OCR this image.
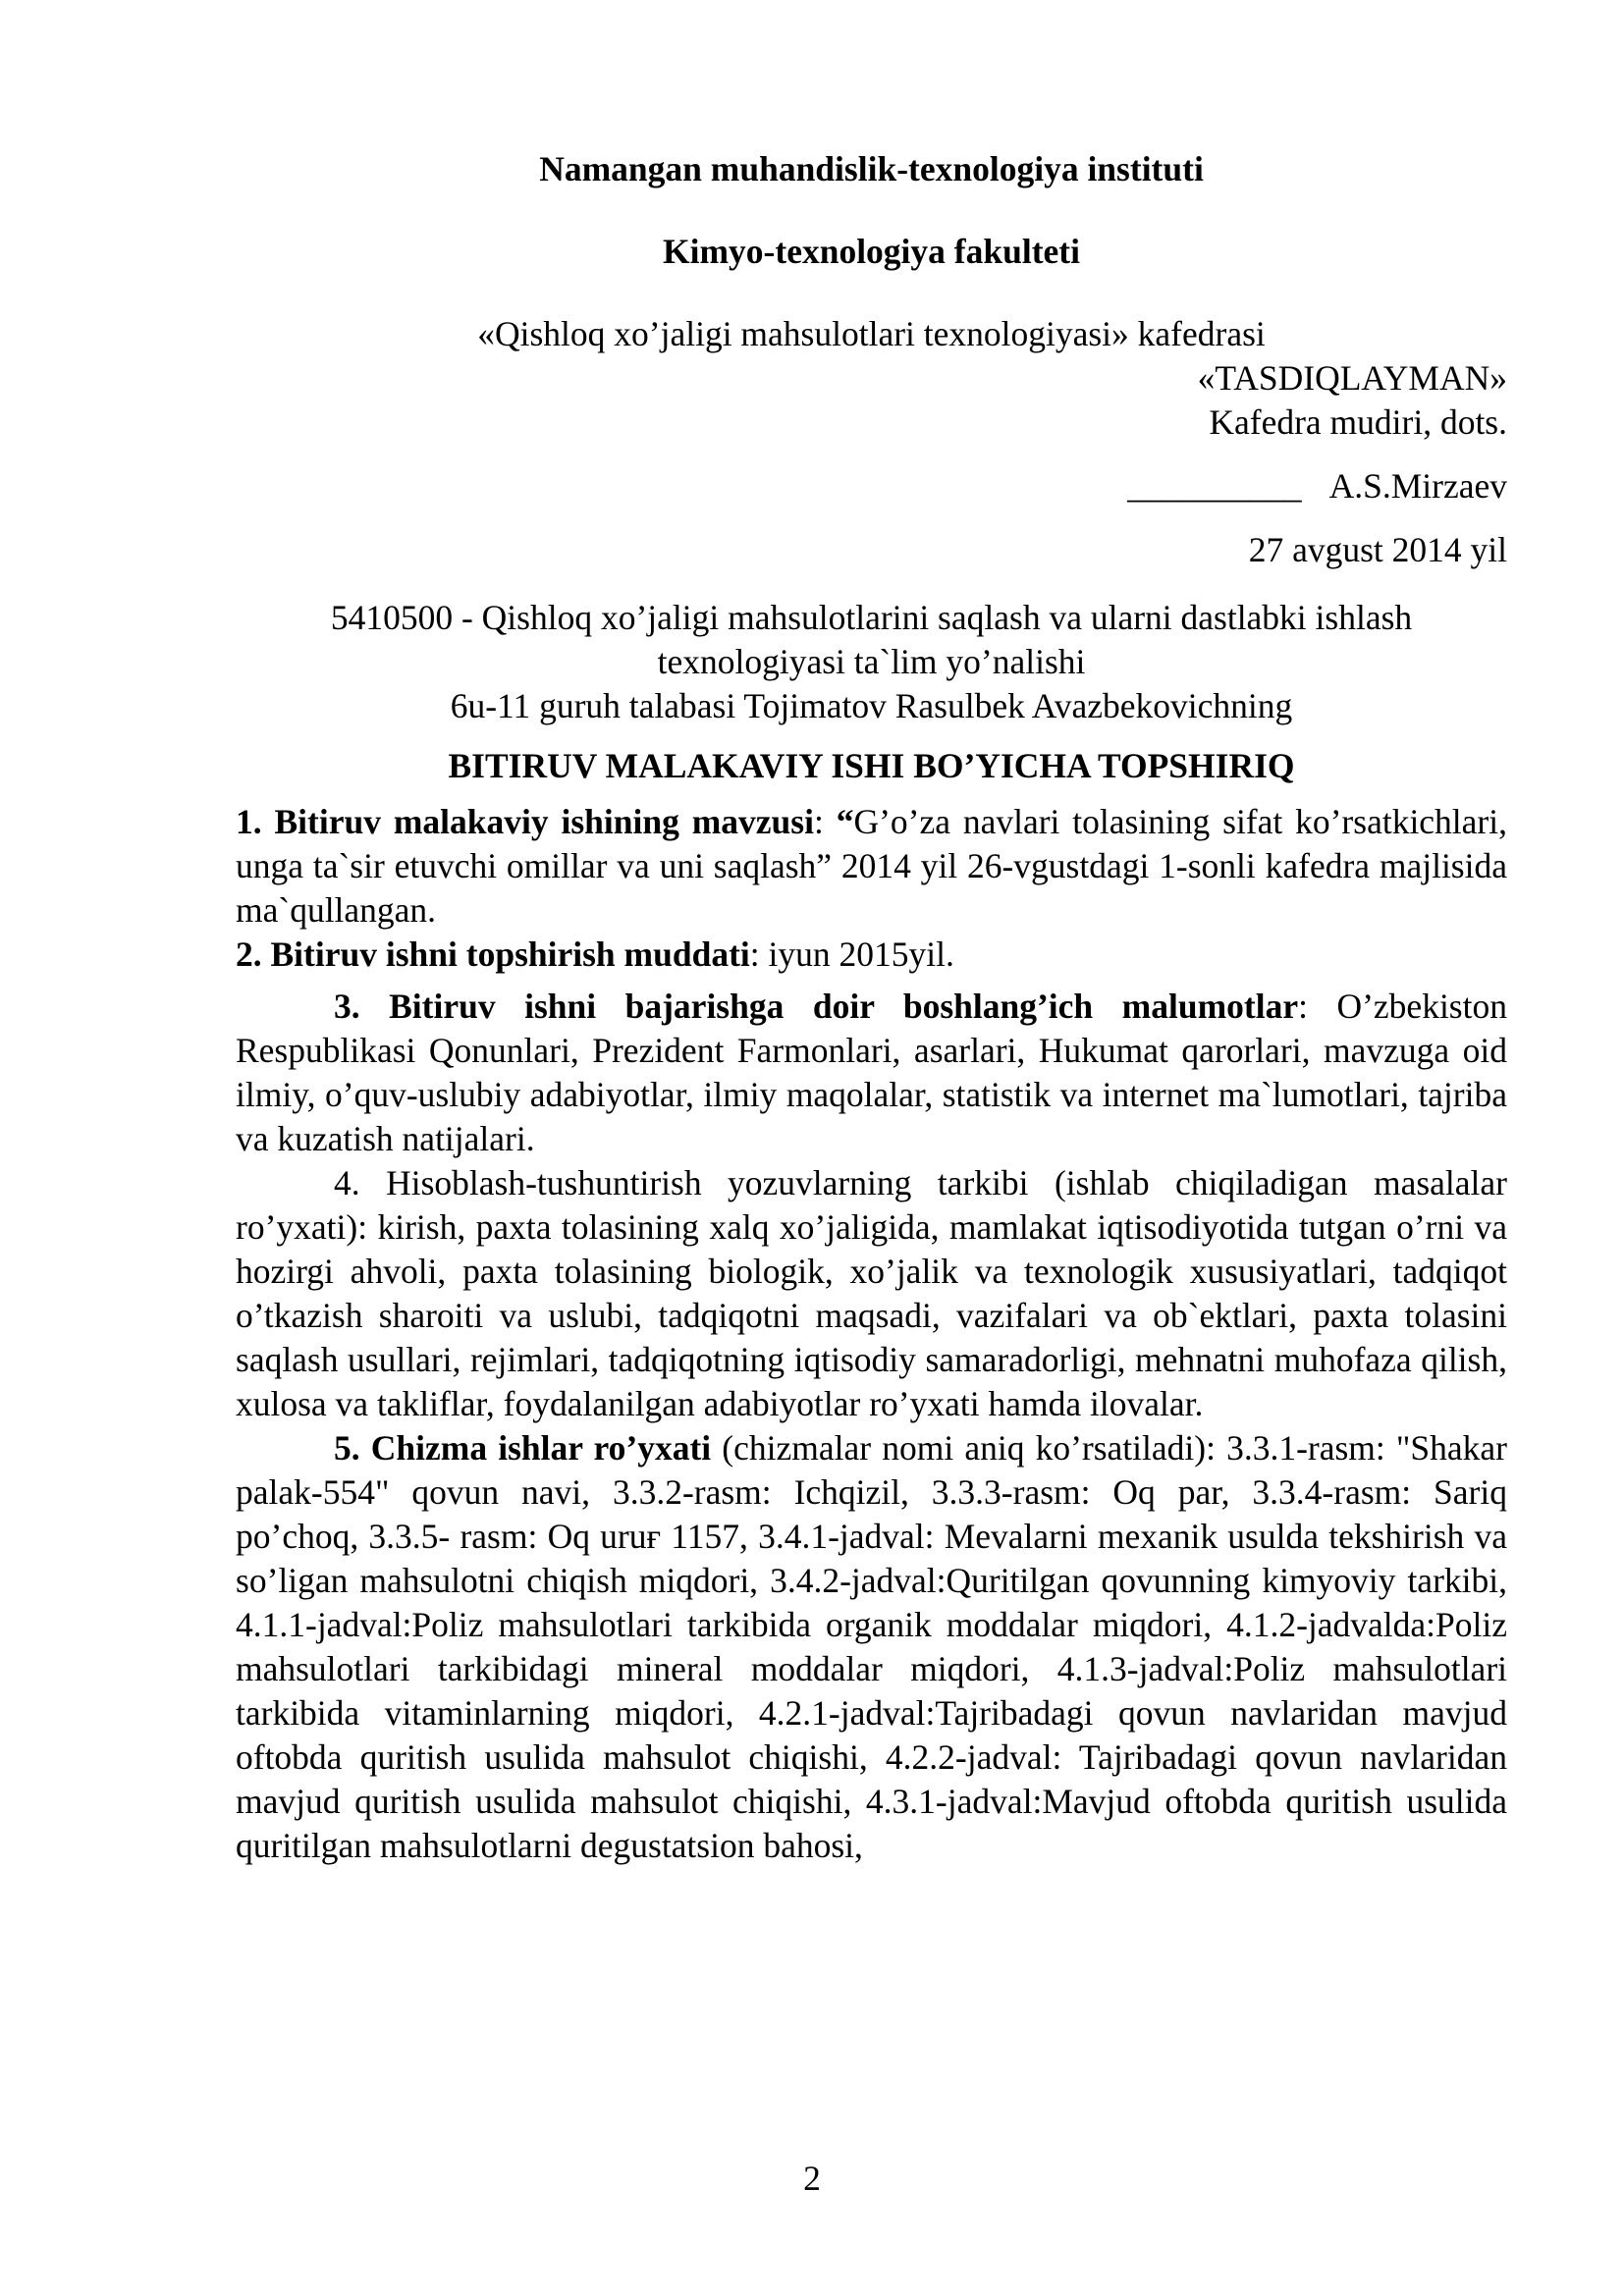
Namangan muhandislik-texnologiya instituti

Kimyo-texnologiya fakulteti

«Qishloq xo’jaligi mahsulotlari texnologiyasi» kafedrasi

«TASDIQLAYMAN»

Kafedra mudiri, dots.

__________ A.S.Mirzaev

27 avgust 2014 yil

5410500 - Qishloq xo’jaligi mahsulotlarini saqlash va ularni dastlabki ishlash

texnologiyasi ta`lim yo’nalishi

6u-11 guruh talabasi Tojimatov Rasulbek Avazbekovichning

BITIRUV MALAKAVIY ISHI BO’YICHA TOPSHIRIQ

1. Bitiruv malakaviy ishining mavzusi: “G’o’za navlari tolasining sifat ko’rsatkichlari, unga ta`sir etuvchi omillar va uni saqlash” 2014 yil 26-vgustdagi 1-sonli kafedra majlisida ma`qullangan.

2. Bitiruv ishni topshirish muddati: iyun 2015yil.

3. Bitiruv ishni bajarishga doir boshlang’ich malumotlar: O’zbekiston Respublikasi Qonunlari, Prezident Farmonlari, asarlari, Hukumat qarorlari, mavzuga oid ilmiy, o’quv-uslubiy adabiyotlar, ilmiy maqolalar, statistik va internet ma`lumotlari, tajriba va kuzatish natijalari.

4. Hisoblash-tushuntirish yozuvlarning tarkibi (ishlab chiqiladigan masalalar ro’yxati): kirish, paxta tolasining xalq xo’jaligida, mamlakat iqtisodiyotida tutgan o’rni va hozirgi ahvoli, paxta tolasining biologik, xo’jalik va texnologik xususiyatlari, tadqiqot o’tkazish sharoiti va uslubi, tadqiqotni maqsadi, vazifalari va ob`ektlari, paxta tolasini saqlash usullari, rejimlari, tadqiqotning iqtisodiy samaradorligi, mehnatni muhofaza qilish, xulosa va takliflar, foydalanilgan adabiyotlar ro’yxati hamda ilovalar.

5. Chizma ishlar ro’yxati (chizmalar nomi aniq ko’rsatiladi): 3.3.1-rasm: "Shakar palak-554" qovun navi, 3.3.2-rasm: Ichqizil, 3.3.3-rasm: Oq par, 3.3.4-rasm: Sariq po’choq, 3.3.5- rasm: Oq uruғ 1157, 3.4.1-jadval: Mevalarni mexanik usulda tekshirish va so’ligan mahsulotni chiqish miqdori, 3.4.2-jadval:Quritilgan qovunning kimyoviy tarkibi, 4.1.1-jadval:Poliz mahsulotlari tarkibida organik moddalar miqdori, 4.1.2-jadvalda:Poliz mahsulotlari tarkibidagi mineral moddalar miqdori, 4.1.3-jadval:Poliz mahsulotlari tarkibida vitaminlarning miqdori, 4.2.1-jadval:Tajribadagi qovun navlaridan mavjud oftobda quritish usulida mahsulot chiqishi, 4.2.2-jadval: Tajribadagi qovun navlaridan mavjud quritish usulida mahsulot chiqishi, 4.3.1-jadval:Mavjud oftobda quritish usulida quritilgan mahsulotlarni degustatsion bahosi,

2
